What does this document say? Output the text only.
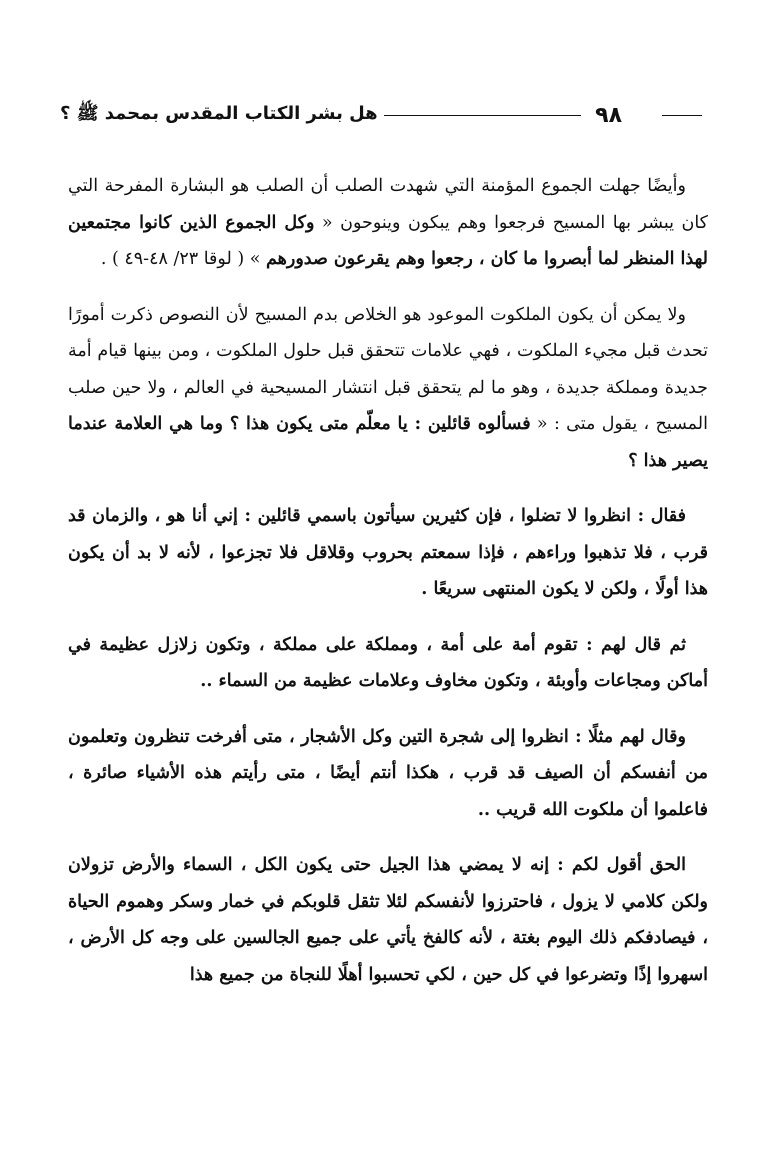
٩٨
هل بشر الكتاب المقدس بمحمد ﷺ ؟

وأيضًا جهلت الجموع المؤمنة التي شهدت الصلب أن الصلب هو البشارة المفرحة التي كان يبشر بها المسيح فرجعوا وهم يبكون وينوحون « وكل الجموع الذين كانوا مجتمعين لهذا المنظر لما أبصروا ما كان ، رجعوا وهم يقرعون صدورهم » ( لوقا ٢٣/ ٤٨-٤٩ ) .

ولا يمكن أن يكون الملكوت الموعود هو الخلاص بدم المسيح لأن النصوص ذكرت أمورًا تحدث قبل مجيء الملكوت ، فهي علامات تتحقق قبل حلول الملكوت ، ومن بينها قيام أمة جديدة ومملكة جديدة ، وهو ما لم يتحقق قبل انتشار المسيحية في العالم ، ولا حين صلب المسيح ، يقول متى : « فسألوه قائلين : يا معلّم متى يكون هذا ؟ وما هي العلامة عندما يصير هذا ؟

فقال : انظروا لا تضلوا ، فإن كثيرين سيأتون باسمي قائلين : إني أنا هو ، والزمان قد قرب ، فلا تذهبوا وراءهم ، فإذا سمعتم بحروب وقلاقل فلا تجزعوا ، لأنه لا بد أن يكون هذا أولًا ، ولكن لا يكون المنتهى سريعًا .

ثم قال لهم : تقوم أمة على أمة ، ومملكة على مملكة ، وتكون زلازل عظيمة في أماكن ومجاعات وأوبئة ، وتكون مخاوف وعلامات عظيمة من السماء ..

وقال لهم مثلًا : انظروا إلى شجرة التين وكل الأشجار ، متى أفرخت تنظرون وتعلمون من أنفسكم أن الصيف قد قرب ، هكذا أنتم أيضًا ، متى رأيتم هذه الأشياء صائرة ، فاعلموا أن ملكوت الله قريب ..

الحق أقول لكم : إنه لا يمضي هذا الجيل حتى يكون الكل ، السماء والأرض تزولان ولكن كلامي لا يزول ، فاحترزوا لأنفسكم لئلا تثقل قلوبكم في خمار وسكر وهموم الحياة ، فيصادفكم ذلك اليوم بغتة ، لأنه كالفخ يأتي على جميع الجالسين على وجه كل الأرض ، اسهروا إذًا وتضرعوا في كل حين ، لكي تحسبوا أهلًا للنجاة من جميع هذا
